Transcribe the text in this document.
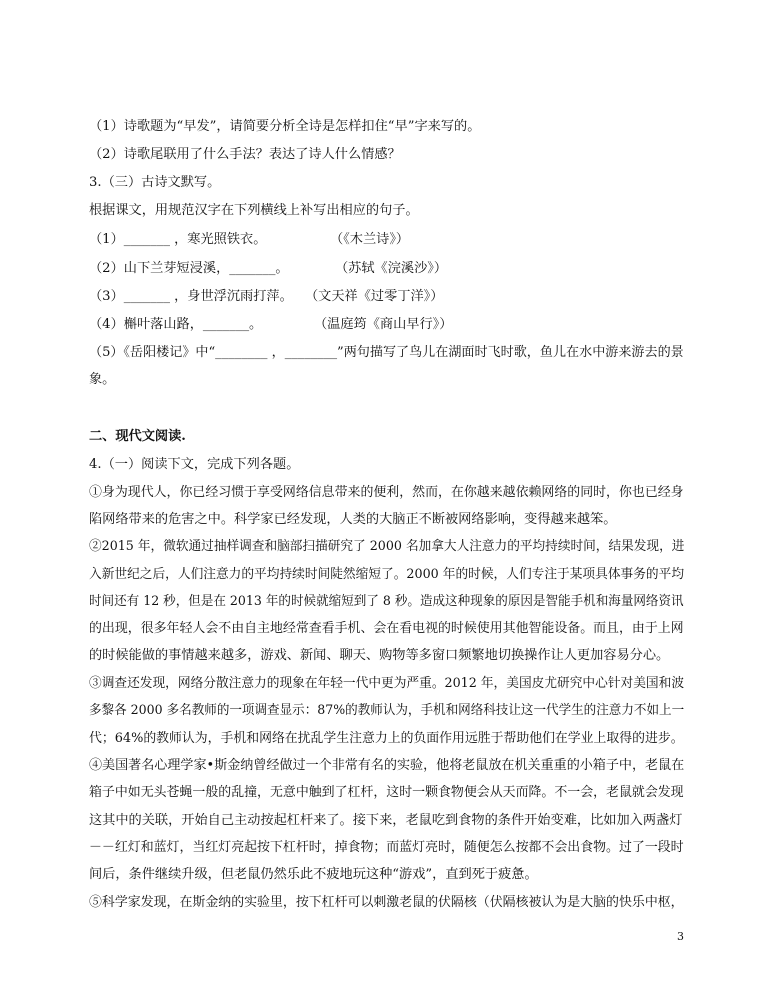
（1）诗歌题为“早发”，请简要分析全诗是怎样扣住“早”字来写的。
（2）诗歌尾联用了什么手法？表达了诗人什么情感？
3.（三）古诗文默写。
根据课文，用规范汉字在下列横线上补写出相应的句子。
（1）_______ ，寒光照铁衣。	（《木兰诗》）
（2）山下兰芽短浸溪，_______。	（苏轼《浣溪沙》）
（3）_______ ，身世浮沉雨打萍。 （文天祥《过零丁洋》）
（4）槲叶落山路，_______。	（温庭筠《商山早行》）
（5）《岳阳楼记》中“________ ，________”两句描写了鸟儿在湖面时飞时歌，鱼儿在水中游来游去的景
象。
二、现代文阅读.
4.（一）阅读下文，完成下列各题。
①身为现代人，你已经习惯于享受网络信息带来的便利，然而，在你越来越依赖网络的同时，你也已经身
陷网络带来的危害之中。科学家已经发现，人类的大脑正不断被网络影响，变得越来越笨。
②2015 年，微软通过抽样调查和脑部扫描研究了 2000 名加拿大人注意力的平均持续时间，结果发现，进
入新世纪之后，人们注意力的平均持续时间陡然缩短了。2000 年的时候，人们专注于某项具体事务的平均
时间还有 12 秒，但是在 2013 年的时候就缩短到了 8 秒。造成这种现象的原因是智能手机和海量网络资讯
的出现，很多年轻人会不由自主地经常查看手机、会在看电视的时候使用其他智能设备。而且，由于上网
的时候能做的事情越来越多，游戏、新闻、聊天、购物等多窗口频繁地切换操作让人更加容易分心。
③调查还发现，网络分散注意力的现象在年轻一代中更为严重。2012 年，美国皮尤研究中心针对美国和波
多黎各 2000 多名教师的一项调查显示：87%的教师认为，手机和网络科技让这一代学生的注意力不如上一
代；64%的教师认为，手机和网络在扰乱学生注意力上的负面作用远胜于帮助他们在学业上取得的进步。
④美国著名心理学家•斯金纳曾经做过一个非常有名的实验，他将老鼠放在机关重重的小箱子中，老鼠在
箱子中如无头苍蝇一般的乱撞，无意中触到了杠杆，这时一颗食物便会从天而降。不一会，老鼠就会发现
这其中的关联，开始自己主动按起杠杆来了。接下来，老鼠吃到食物的条件开始变难，比如加入两盏灯
－－红灯和蓝灯，当红灯亮起按下杠杆时，掉食物；而蓝灯亮时，随便怎么按都不会出食物。过了一段时
间后，条件继续升级，但老鼠仍然乐此不疲地玩这种“游戏”，直到死于疲惫。
⑤科学家发现，在斯金纳的实验里，按下杠杆可以刺激老鼠的伏隔核（伏隔核被认为是大脑的快乐中枢，
3
